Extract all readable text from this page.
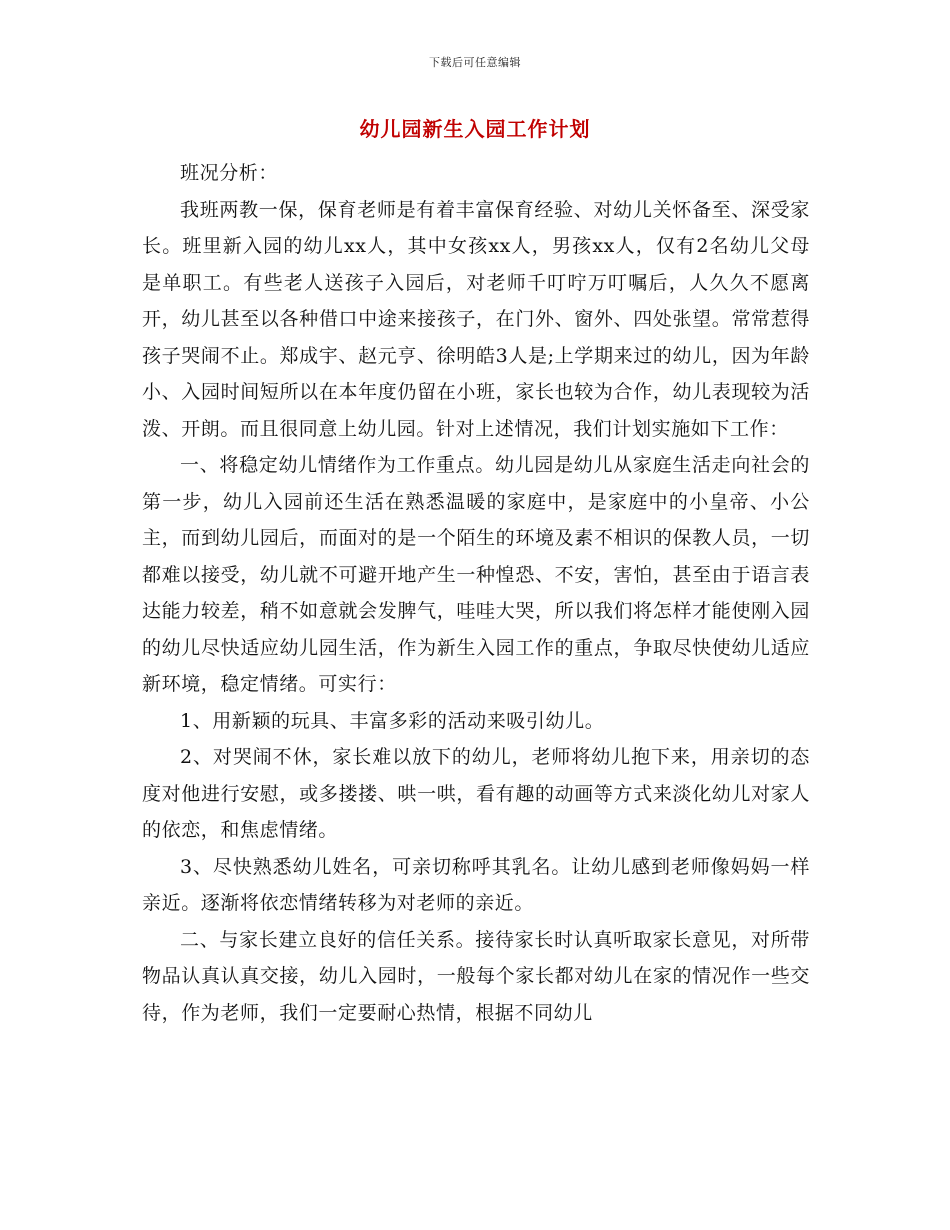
下载后可任意编辑
幼儿园新生入园工作计划

班况分析：

我班两教一保，保育老师是有着丰富保育经验、对幼儿关怀备至、深受家长。班里新入园的幼儿xx人，其中女孩xx人，男孩xx人，仅有2名幼儿父母是单职工。有些老人送孩子入园后，对老师千叮咛万叮嘱后，人久久不愿离开，幼儿甚至以各种借口中途来接孩子，在门外、窗外、四处张望。常常惹得孩子哭闹不止。郑成宇、赵元亨、徐明皓3人是;上学期来过的幼儿，因为年龄小、入园时间短所以在本年度仍留在小班，家长也较为合作，幼儿表现较为活泼、开朗。而且很同意上幼儿园。针对上述情况，我们计划实施如下工作：

一、将稳定幼儿情绪作为工作重点。幼儿园是幼儿从家庭生活走向社会的第一步，幼儿入园前还生活在熟悉温暖的家庭中，是家庭中的小皇帝、小公主，而到幼儿园后，而面对的是一个陌生的环境及素不相识的保教人员，一切都难以接受，幼儿就不可避开地产生一种惶恐、不安，害怕，甚至由于语言表达能力较差，稍不如意就会发脾气，哇哇大哭，所以我们将怎样才能使刚入园的幼儿尽快适应幼儿园生活，作为新生入园工作的重点，争取尽快使幼儿适应新环境，稳定情绪。可实行：

1、用新颖的玩具、丰富多彩的活动来吸引幼儿。

2、对哭闹不休，家长难以放下的幼儿，老师将幼儿抱下来，用亲切的态度对他进行安慰，或多搂搂、哄一哄，看有趣的动画等方式来淡化幼儿对家人的依恋，和焦虑情绪。

3、尽快熟悉幼儿姓名，可亲切称呼其乳名。让幼儿感到老师像妈妈一样亲近。逐渐将依恋情绪转移为对老师的亲近。

二、与家长建立良好的信任关系。接待家长时认真听取家长意见，对所带物品认真认真交接，幼儿入园时，一般每个家长都对幼儿在家的情况作一些交待，作为老师，我们一定要耐心热情，根据不同幼儿
